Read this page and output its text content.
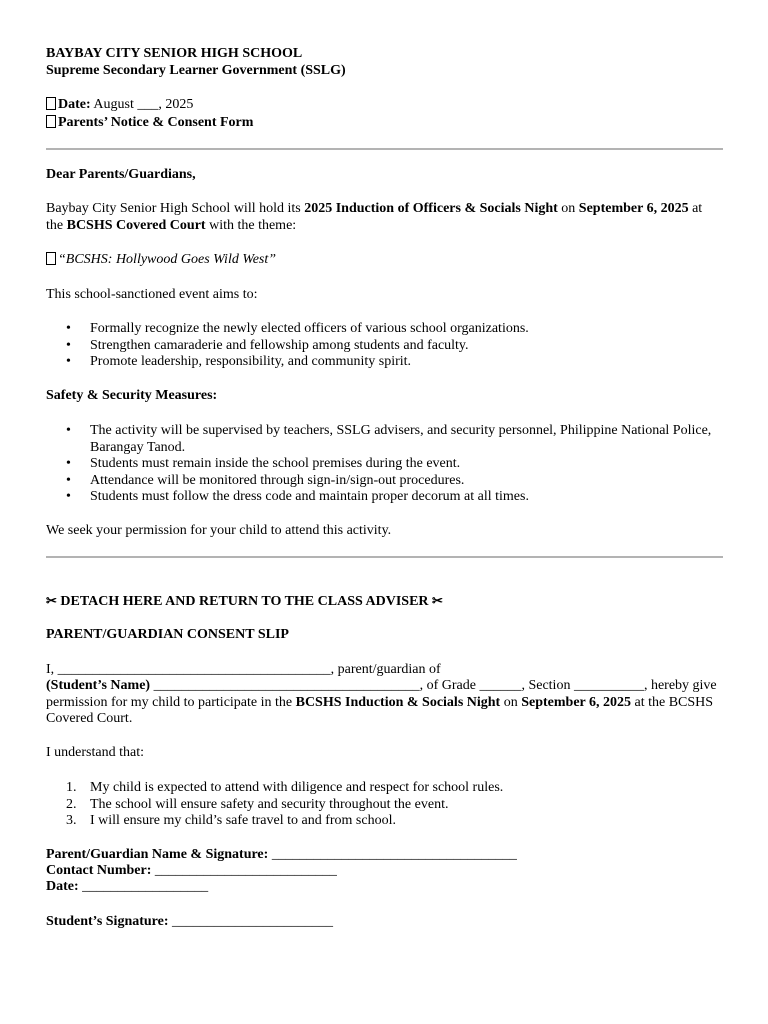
BAYBAY CITY SENIOR HIGH SCHOOL

Supreme Secondary Learner Government (SSLG)

Date: August ___, 2025

Parents’ Notice & Consent Form

Dear Parents/Guardians,

Baybay City Senior High School will hold its 2025 Induction of Officers & Socials Night on September 6, 2025 at the BCSHS Covered Court with the theme:

“BCSHS: Hollywood Goes Wild West”

This school-sanctioned event aims to:

• Formally recognize the newly elected officers of various school organizations.
• Strengthen camaraderie and fellowship among students and faculty.
• Promote leadership, responsibility, and community spirit.

Safety & Security Measures:

• The activity will be supervised by teachers, SSLG advisers, and security personnel, Philippine National Police, Barangay Tanod.
• Students must remain inside the school premises during the event.
• Attendance will be monitored through sign-in/sign-out procedures.
• Students must follow the dress code and maintain proper decorum at all times.

We seek your permission for your child to attend this activity.

✂ DETACH HERE AND RETURN TO THE CLASS ADVISER ✂

PARENT/GUARDIAN CONSENT SLIP

I, _______________________________________, parent/guardian of

(Student’s Name) ______________________________________, of Grade ______, Section __________, hereby give permission for my child to participate in the BCSHS Induction & Socials Night on September 6, 2025 at the BCSHS Covered Court.

I understand that:

1. My child is expected to attend with diligence and respect for school rules.
2. The school will ensure safety and security throughout the event.
3. I will ensure my child’s safe travel to and from school.

Parent/Guardian Name & Signature: ___________________________________

Contact Number: __________________________

Date: __________________

Student’s Signature: _______________________
